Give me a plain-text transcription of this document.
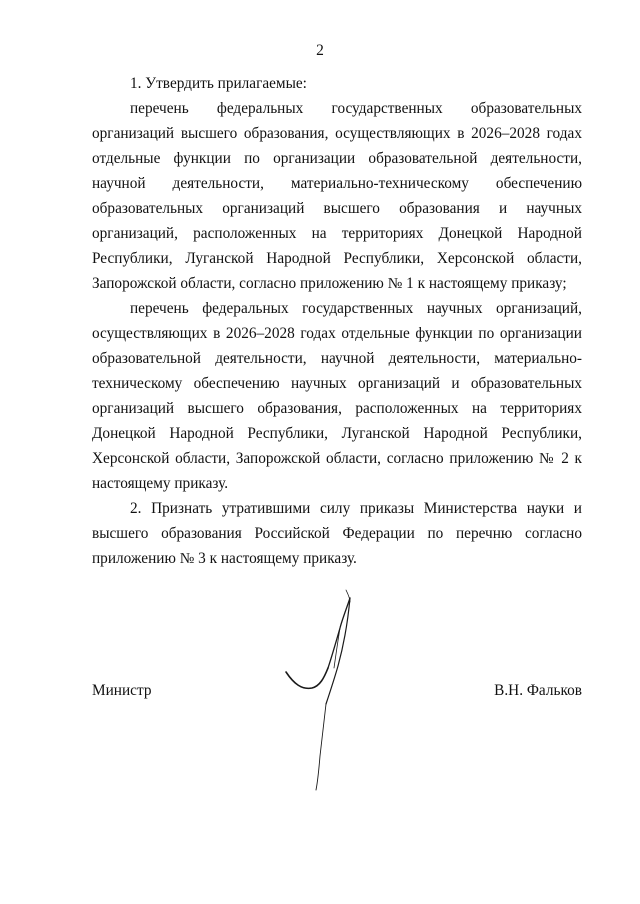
2

1. Утвердить прилагаемые:

перечень федеральных государственных образовательных организаций высшего образования, осуществляющих в 2026–2028 годах отдельные функции по организации образовательной деятельности, научной деятельности, материально-техническому обеспечению образовательных организаций высшего образования и научных организаций, расположенных на территориях Донецкой Народной Республики, Луганской Народной Республики, Херсонской области, Запорожской области, согласно приложению № 1 к настоящему приказу;

перечень федеральных государственных научных организаций, осуществляющих в 2026–2028 годах отдельные функции по организации образовательной деятельности, научной деятельности, материально-техническому обеспечению научных организаций и образовательных организаций высшего образования, расположенных на территориях Донецкой Народной Республики, Луганской Народной Республики, Херсонской области, Запорожской области, согласно приложению № 2 к настоящему приказу.

2. Признать утратившими силу приказы Министерства науки и высшего образования Российской Федерации по перечню согласно приложению № 3 к настоящему приказу.

Министр	В.Н. Фальков
